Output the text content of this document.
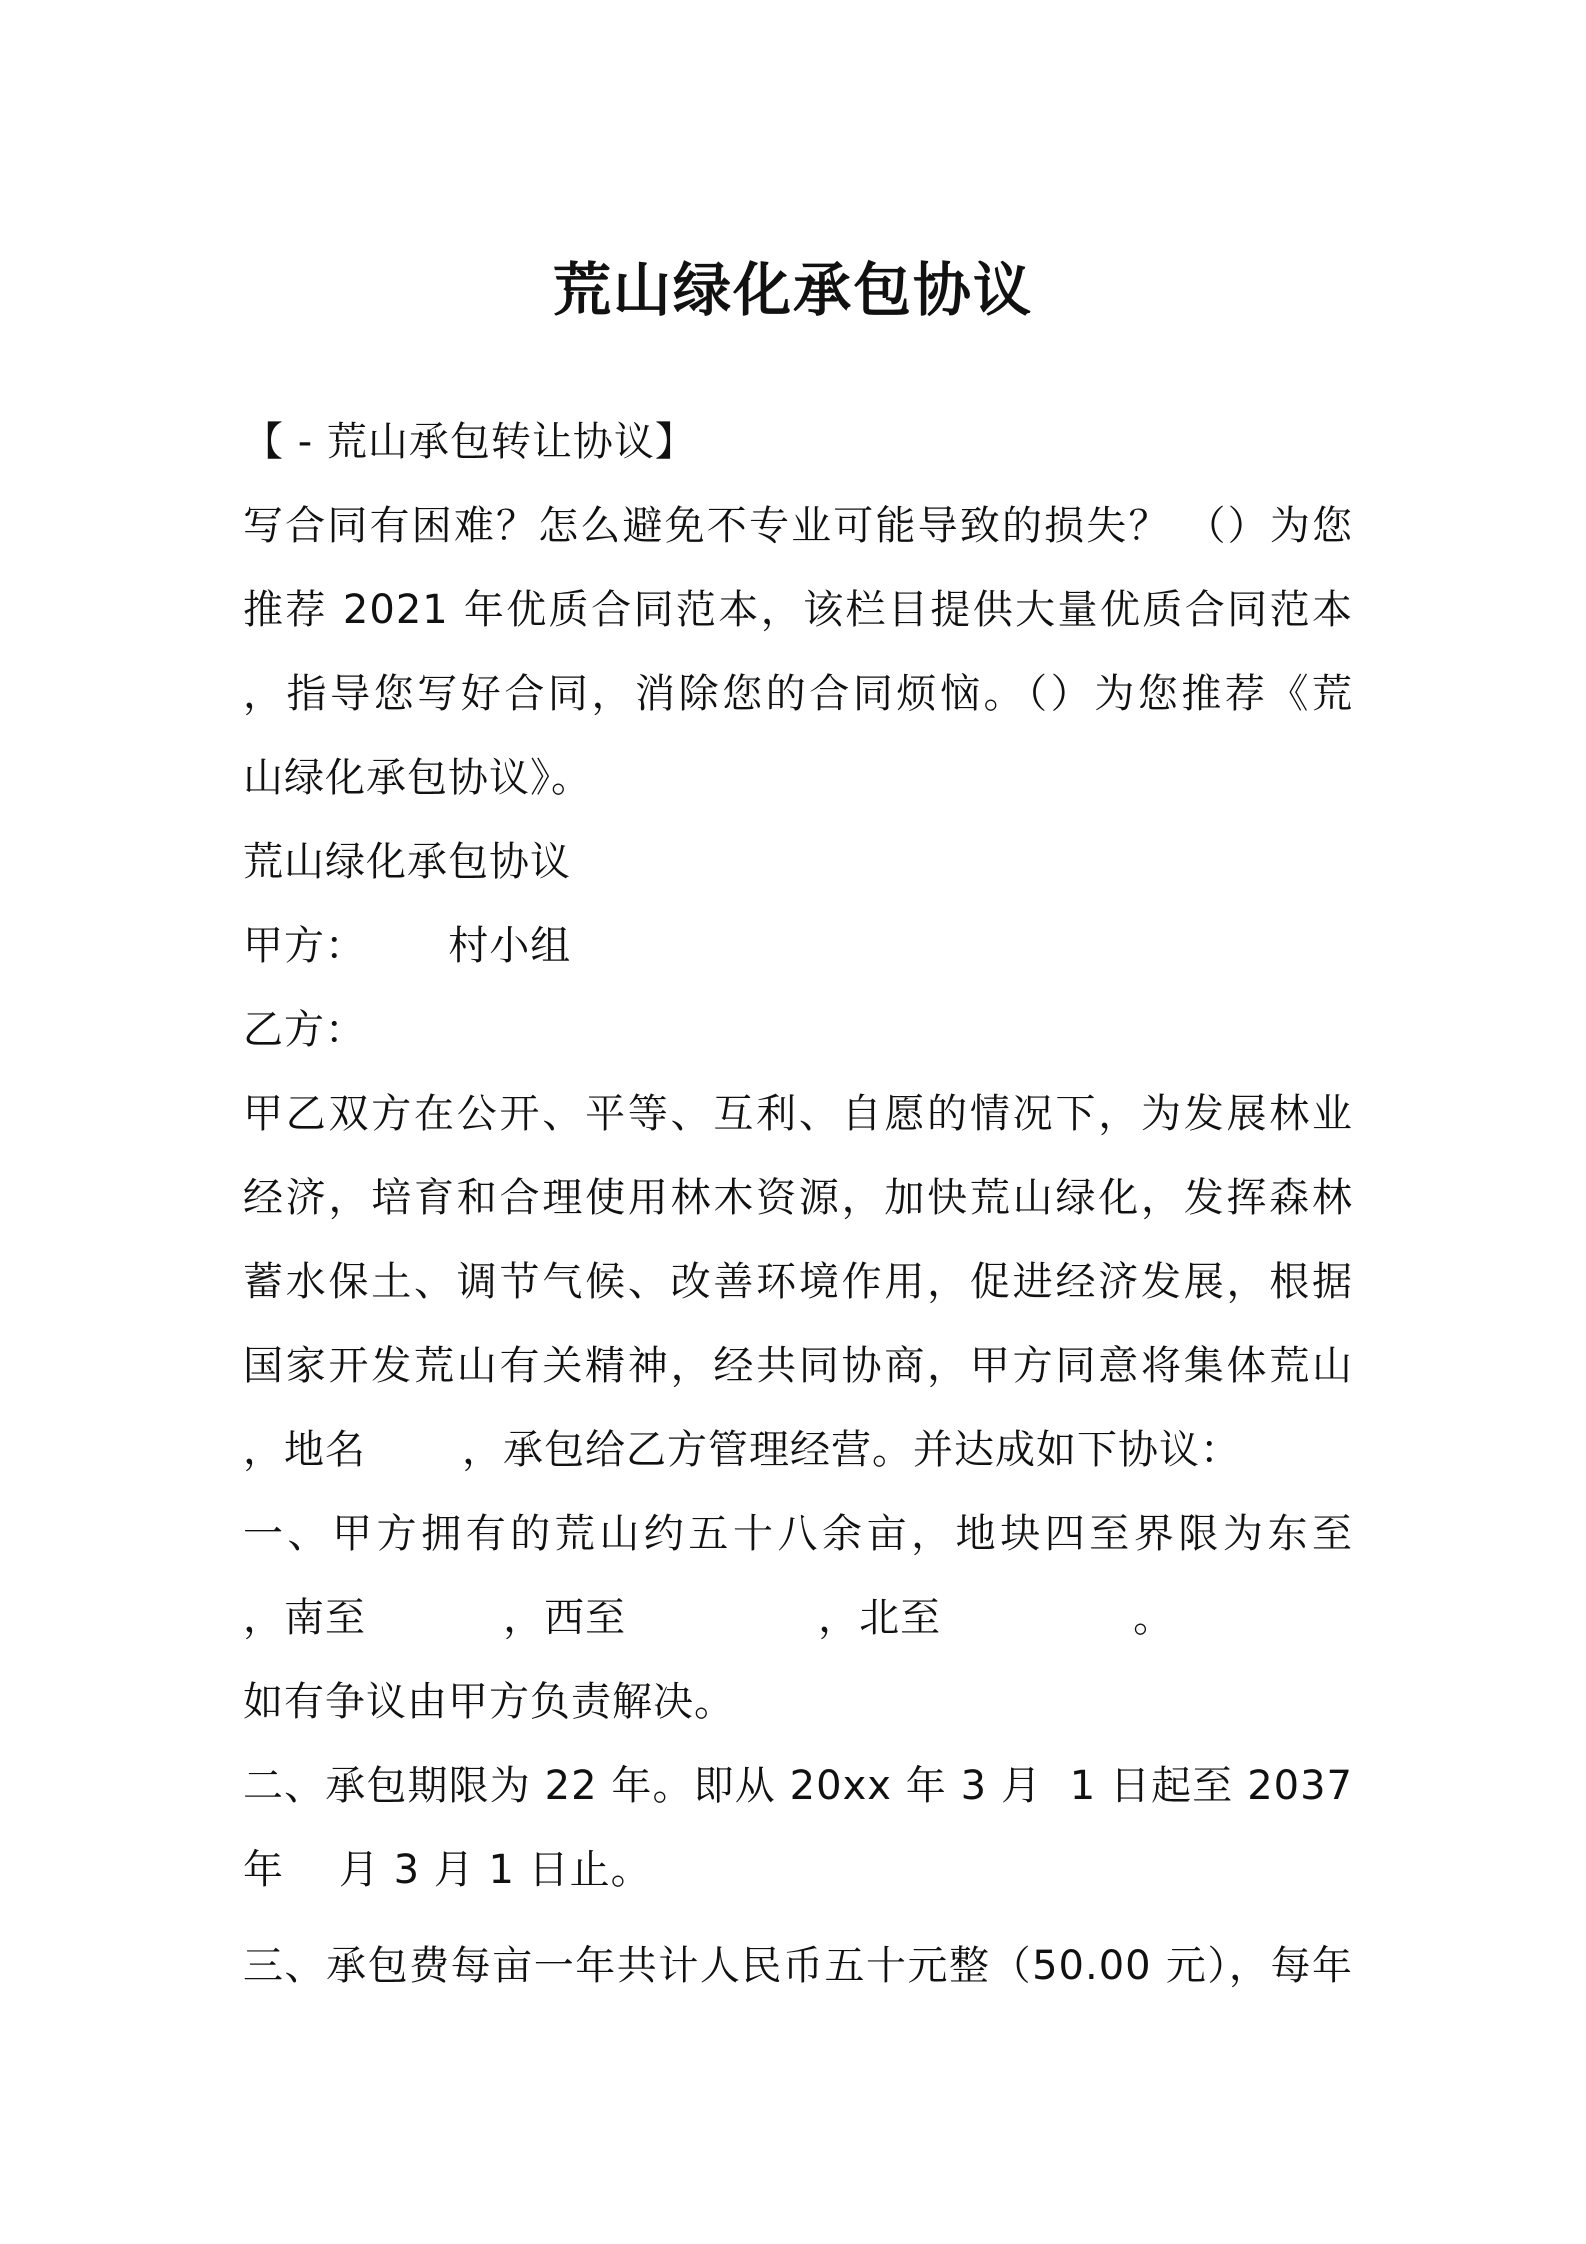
荒山绿化承包协议
【 - 荒山承包转让协议】
写合同有困难？怎么避免不专业可能导致的损失？ （）为您
推荐 2021 年优质合同范本，该栏目提供大量优质合同范本
，指导您写好合同，消除您的合同烦恼。（）为您推荐《荒
山绿化承包协议》。
荒山绿化承包协议
甲方：      村小组
乙方：
甲乙双方在公开、平等、互利、自愿的情况下，为发展林业
经济，培育和合理使用林木资源，加快荒山绿化，发挥森林
蓄水保土、调节气候、改善环境作用，促进经济发展，根据
国家开发荒山有关精神，经共同协商，甲方同意将集体荒山
，地名       ，承包给乙方管理经营。并达成如下协议：
一、甲方拥有的荒山约五十八余亩，地块四至界限为东至
，南至          ，西至              ，北至              。
如有争议由甲方负责解决。
二、承包期限为 22 年。即从 20xx 年 3 月  1 日起至 2037
年    月 3 月 1 日止。
三、承包费每亩一年共计人民币五十元整（50.00 元），每年
